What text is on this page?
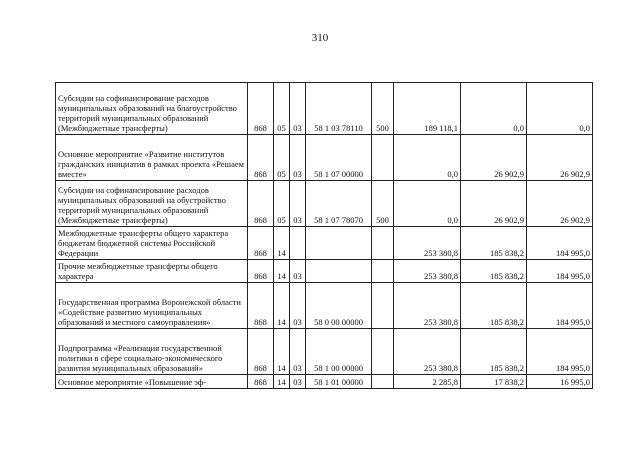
310
Субсидии на софинансирование расходов муниципальных образований на благоустройство территорий муниципальных образований (Межбюджетные трансферты)	868	05	03	58 1 03 78110	500	189 118,1	0,0	0,0
Основное мероприятие «Развитие институтов гражданских инициатив в рамках проекта «Решаем вместе»	868	05	03	58 1 07 00000		0,0	26 902,9	26 902,9
Субсидии на софинансирование расходов муниципальных образований на обустройство территорий муниципальных образований (Межбюджетные трансферты)	868	05	03	58 1 07 78070	500	0,0	26 902,9	26 902,9
Межбюджетные трансферты общего характера бюджетам бюджетной системы Российской Федерации	868	14				253 380,8	185 838,2	184 995,0
Прочие межбюджетные трансферты общего характера	868	14	03			253 380,8	185 838,2	184 995,0
Государственная программа Воронежской области «Содействие развитию муниципальных образований и местного самоуправления»	868	14	03	58 0 00 00000		253 380,8	185 838,2	184 995,0
Подпрограмма «Реализация государственной политики в сфере социально-экономического развития муниципальных образований»	868	14	03	58 1 00 00000		253 380,8	185 838,2	184 995,0
Основное мероприятие «Повышение эф-	868	14	03	58 1 01 00000		2 285,8	17 838,2	16 995,0
